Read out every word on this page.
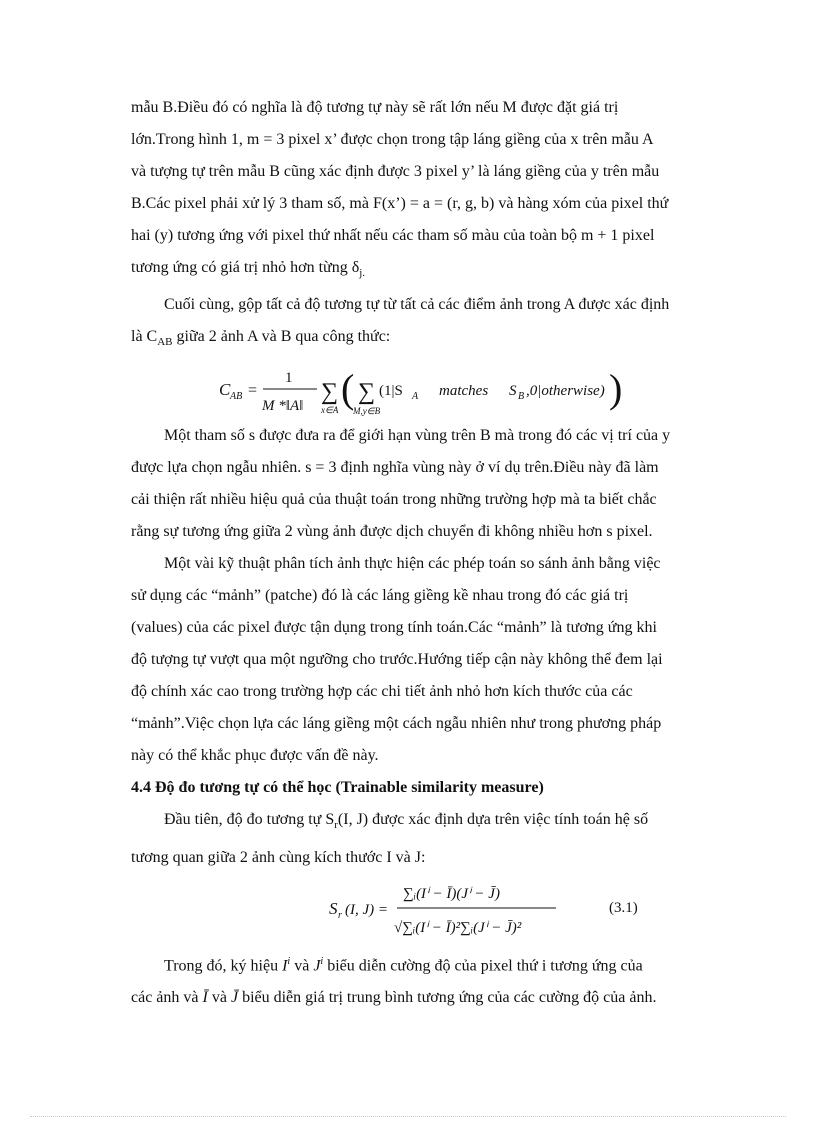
mẫu B.Điều đó có nghĩa là độ tương tự này sẽ rất lớn nếu M được đặt giá trị
lớn.Trong hình 1, m = 3 pixel x’ được chọn trong tập láng giềng của x trên mẫu A
và tượng tự trên mẫu B cũng xác định được 3 pixel y’ là láng giềng của y trên mẫu
B.Các pixel phải xử lý 3 tham số, mà F(x’) = a = (r, g, b) và hàng xóm của pixel thứ
hai (y) tương ứng với pixel thứ nhất nếu các tham số màu của toàn bộ m + 1 pixel
tương ứng có giá trị nhỏ hơn từng $\delta_{j.}$

Cuối cùng, gộp tất cả độ tương tự từ tất cả các điểm ảnh trong A được xác định
là $C_{AB}$ giữa 2 ảnh A và B qua công thức:

C AB =
1
M *‖A‖
∑
x∈A ( ∑
M,y∈B
(1|S A matches S B ,0|otherwise) )

Một tham số s được đưa ra để giới hạn vùng trên B mà trong đó các vị trí của y
được lựa chọn ngẫu nhiên. s = 3 định nghĩa vùng này ở ví dụ trên.Điều này đã làm
cải thiện rất nhiều hiệu quả của thuật toán trong những trường hợp mà ta biết chắc
rằng sự tương ứng giữa 2 vùng ảnh được dịch chuyển đi không nhiều hơn s pixel.

Một vài kỹ thuật phân tích ảnh thực hiện các phép toán so sánh ảnh bằng việc
sử dụng các “mảnh” (patche) đó là các láng giềng kề nhau trong đó các giá trị
(values) của các pixel được tận dụng trong tính toán.Các “mảnh” là tương ứng khi
độ tượng tự vượt qua một ngưỡng cho trước.Hướng tiếp cận này không thể đem lại
độ chính xác cao trong trường hợp các chi tiết ảnh nhỏ hơn kích thước của các
“mảnh”.Việc chọn lựa các láng giềng một cách ngẫu nhiên như trong phương pháp
này có thể khắc phục được vấn đề này.

4.4 Độ đo tương tự có thể học (Trainable similarity measure)

Đầu tiên, độ đo tương tự $S_r(I$, J) được xác định dựa trên việc tính toán hệ số
tương quan giữa 2 ảnh cùng kích thước I và J:

S r (I, J) =
∑ᵢ(Iⁱ − Ī)(Jⁱ − J̄)
√∑ᵢ(Iⁱ − Ī)²∑ᵢ(Jⁱ − J̄)²
(3.1)

Trong đó, ký hiệu $I^i$ và $J^i$ biểu diễn cường độ của pixel thứ i tương ứng của
các ảnh và Ī và J̄ biểu diễn giá trị trung bình tương ứng của các cường độ của ảnh.
